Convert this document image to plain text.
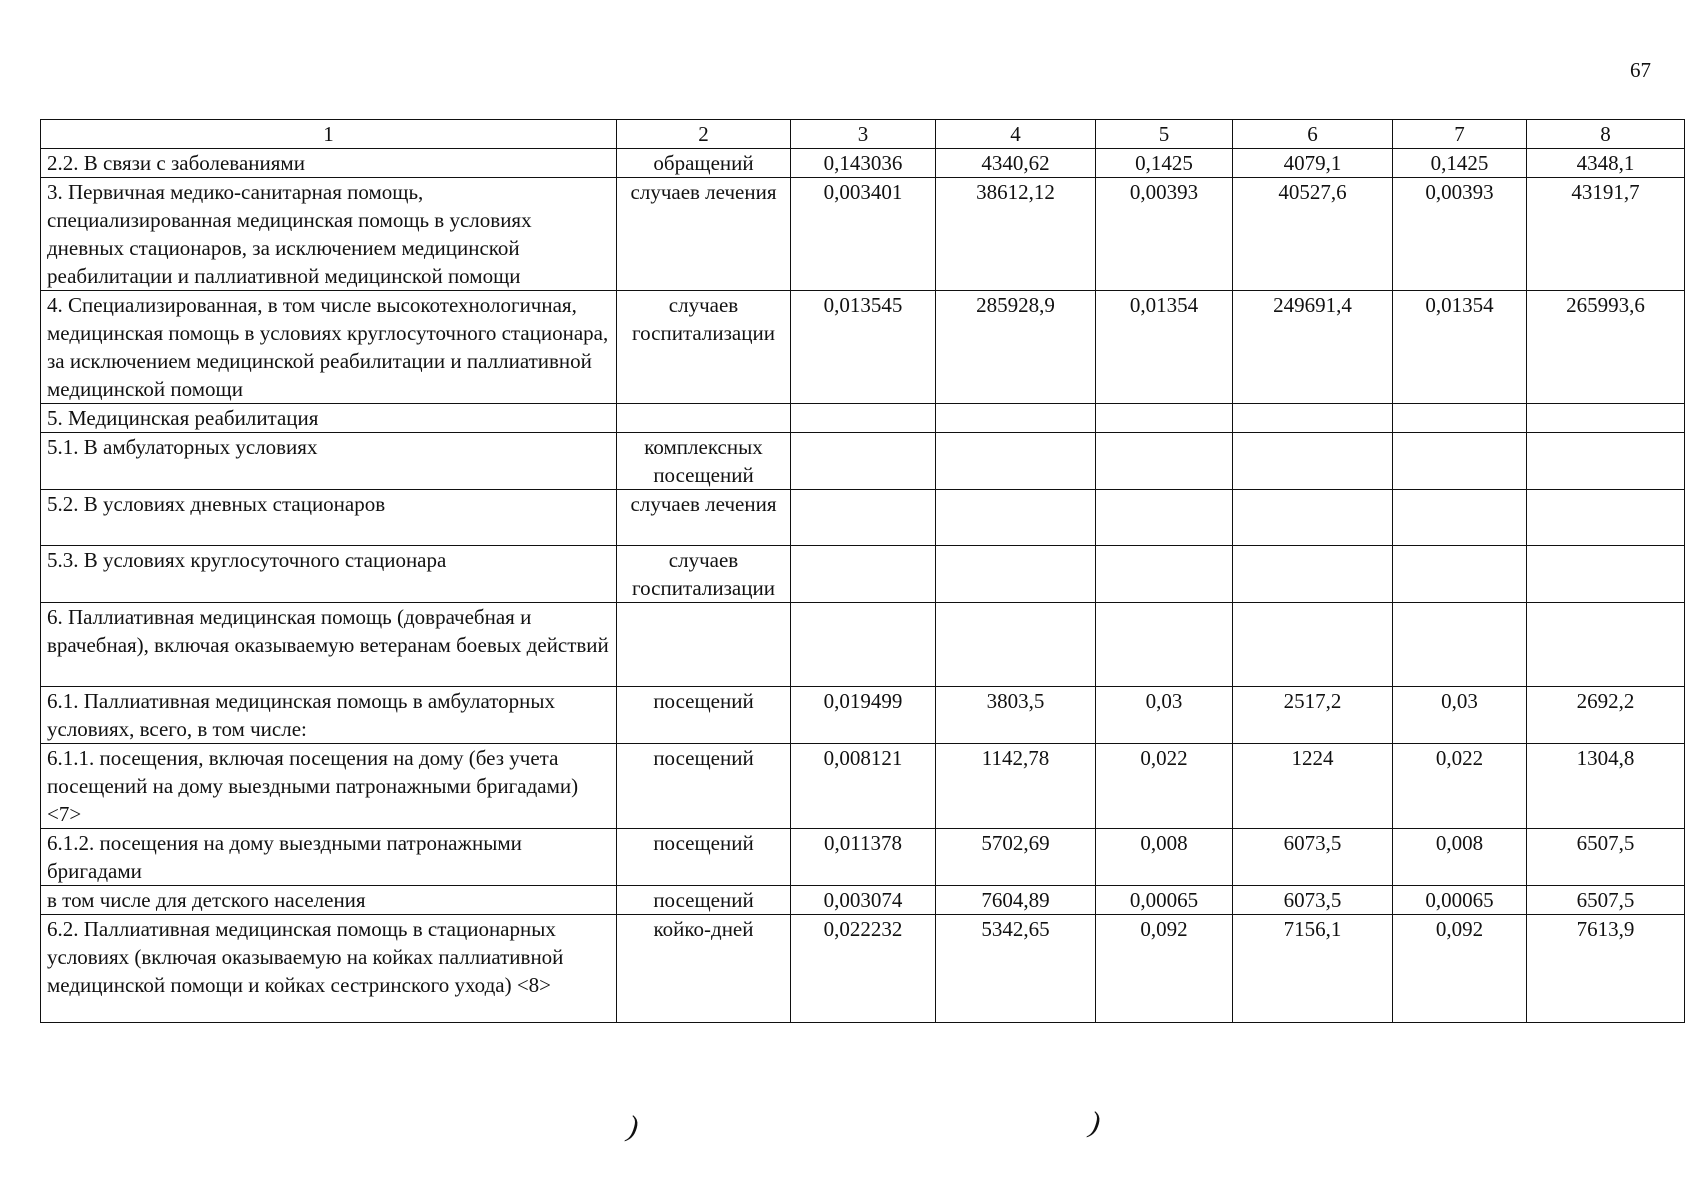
67
1	2	3	4	5	6	7	8
2.2. В связи с заболеваниями	обращений	0,143036	4340,62	0,1425	4079,1	0,1425	4348,1
3. Первичная медико-санитарная помощь, специализированная медицинская помощь в условиях дневных стационаров, за исключением медицинской реабилитации и паллиативной медицинской помощи	случаев лечения	0,003401	38612,12	0,00393	40527,6	0,00393	43191,7
4. Специализированная, в том числе высокотехнологичная, медицинская помощь в условиях круглосуточного стационара, за исключением медицинской реабилитации и паллиативной медицинской помощи	случаев госпитализации	0,013545	285928,9	0,01354	249691,4	0,01354	265993,6
5. Медицинская реабилитация							
5.1. В амбулаторных условиях	комплексных посещений						
5.2. В условиях дневных стационаров	случаев лечения						
5.3. В условиях круглосуточного стационара	случаев госпитализации						
6. Паллиативная медицинская помощь (доврачебная и врачебная), включая оказываемую ветеранам боевых действий							
6.1. Паллиативная медицинская помощь в амбулаторных условиях, всего, в том числе:	посещений	0,019499	3803,5	0,03	2517,2	0,03	2692,2
6.1.1. посещения, включая посещения на дому (без учета посещений на дому выездными патронажными бригадами) <7>	посещений	0,008121	1142,78	0,022	1224	0,022	1304,8
6.1.2. посещения на дому выездными патронажными бригадами	посещений	0,011378	5702,69	0,008	6073,5	0,008	6507,5
в том числе для детского населения	посещений	0,003074	7604,89	0,00065	6073,5	0,00065	6507,5
6.2. Паллиативная медицинская помощь в стационарных условиях (включая оказываемую на койках паллиативной медицинской помощи и койках сестринского ухода) <8>	койко-дней	0,022232	5342,65	0,092	7156,1	0,092	7613,9
)	)
